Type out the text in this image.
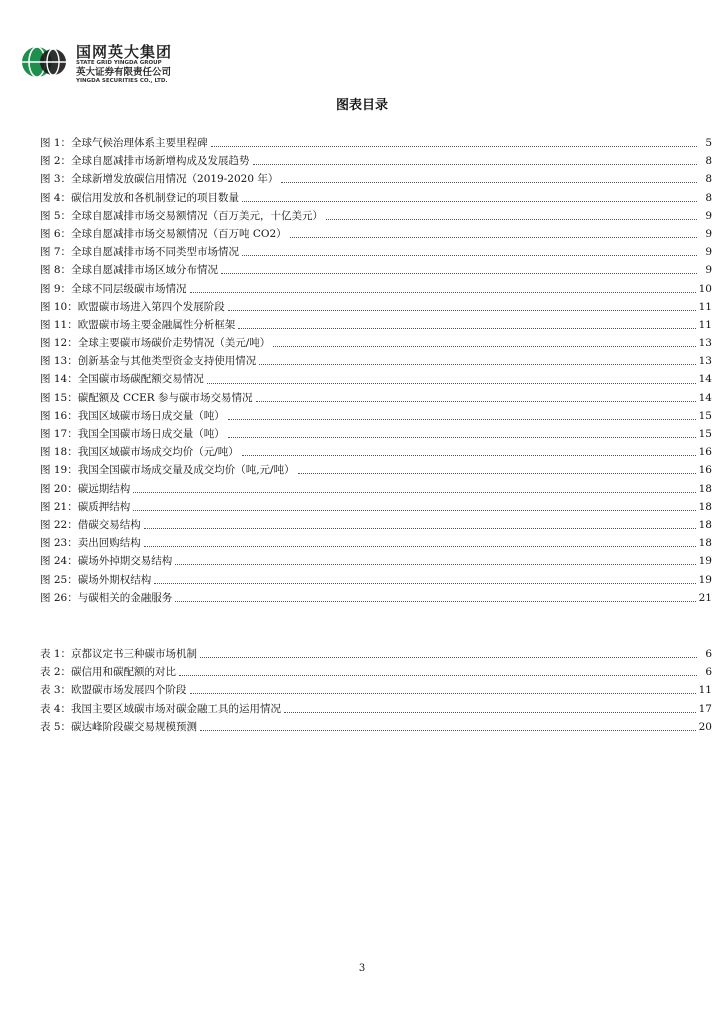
国网英大集团
STATE GRID YINGDA GROUP
英大证券有限责任公司
YINGDA SECURITIES CO., LTD.
图表目录
图 1：全球气候治理体系主要里程碑	5
图 2：全球自愿减排市场新增构成及发展趋势	8
图 3：全球新增发放碳信用情况（2019-2020 年）	8
图 4：碳信用发放和各机制登记的项目数量	8
图 5：全球自愿减排市场交易额情况（百万美元，十亿美元）	9
图 6：全球自愿减排市场交易额情况（百万吨 CO2）	9
图 7：全球自愿减排市场不同类型市场情况	9
图 8：全球自愿减排市场区域分布情况	9
图 9：全球不同层级碳市场情况	10
图 10：欧盟碳市场进入第四个发展阶段	11
图 11：欧盟碳市场主要金融属性分析框架	11
图 12：全球主要碳市场碳价走势情况（美元/吨）	13
图 13：创新基金与其他类型资金支持使用情况	13
图 14：全国碳市场碳配额交易情况	14
图 15：碳配额及 CCER 参与碳市场交易情况	14
图 16：我国区域碳市场日成交量（吨）	15
图 17：我国全国碳市场日成交量（吨）	15
图 18：我国区域碳市场成交均价（元/吨）	16
图 19：我国全国碳市场成交量及成交均价（吨,元/吨）	16
图 20：碳远期结构	18
图 21：碳质押结构	18
图 22：借碳交易结构	18
图 23：卖出回购结构	18
图 24：碳场外掉期交易结构	19
图 25：碳场外期权结构	19
图 26：与碳相关的金融服务	21
表 1：京都议定书三种碳市场机制	6
表 2：碳信用和碳配额的对比	6
表 3：欧盟碳市场发展四个阶段	11
表 4：我国主要区域碳市场对碳金融工具的运用情况	17
表 5：碳达峰阶段碳交易规模预测	20
3
